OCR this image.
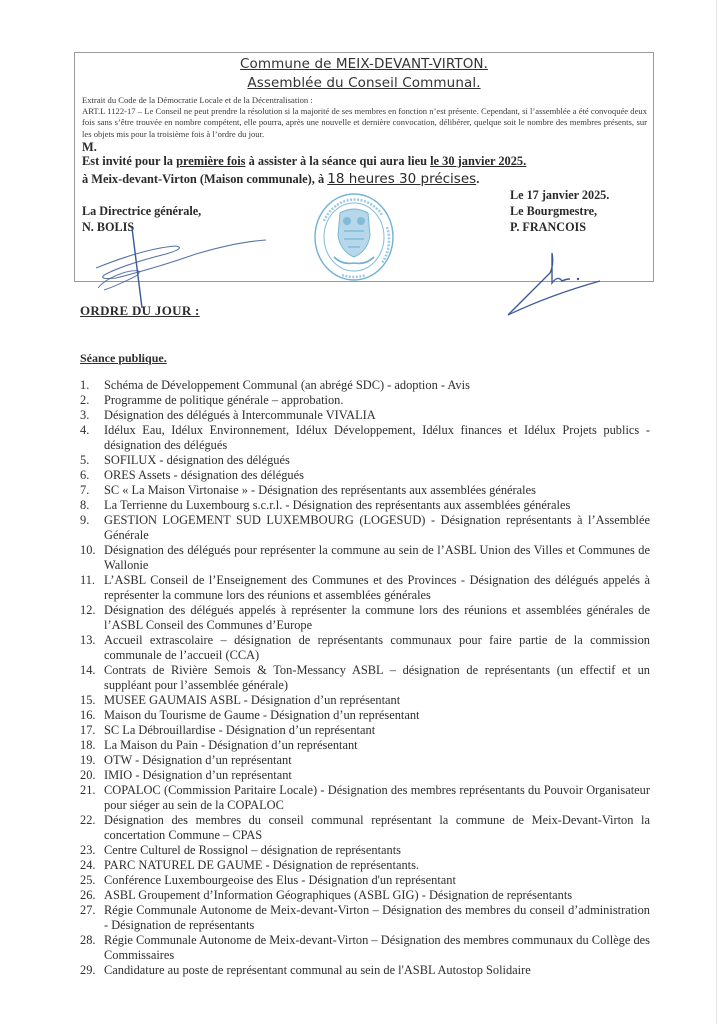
Commune de MEIX-DEVANT-VIRTON.
Assemblée du Conseil Communal.
Extrait du Code de la Démocratie Locale et de la Décentralisation :
ART.L 1122-17 – Le Conseil ne peut prendre la résolution si la majorité de ses membres en fonction n’est présente. Cependant, si l’assemblée a été convoquée deux fois sans s’être trouvée en nombre compétent, elle pourra, après une nouvelle et dernière convocation, délibérer, quelque soit le nombre des membres présents, sur les objets mis pour la troisième fois à l’ordre du jour.
M.
Est invité pour la première fois à assister à la séance qui aura lieu le 30 janvier 2025.
à Meix-devant-Virton (Maison communale), à 18 heures 30 précises.
La Directrice générale,
N. BOLIS
Le 17 janvier 2025.
Le Bourgmestre,
P. FRANCOIS
ORDRE DU JOUR :
Séance publique.
1.	Schéma de Développement Communal (an abrégé SDC) - adoption - Avis
2.	Programme de politique générale – approbation.
3.	Désignation des délégués à Intercommunale VIVALIA
4.	Idélux Eau, Idélux Environnement, Idélux Développement, Idélux finances et Idélux Projets publics - désignation des délégués
5.	SOFILUX - désignation des délégués
6.	ORES Assets - désignation des délégués
7.	SC « La Maison Virtonaise » - Désignation des représentants aux assemblées générales
8.	La Terrienne du Luxembourg s.c.r.l. - Désignation des représentants aux assemblées générales
9.	GESTION LOGEMENT SUD LUXEMBOURG (LOGESUD) - Désignation représentants à l’Assemblée Générale
10. Désignation des délégués pour représenter la commune au sein de l’ASBL Union des Villes et Communes de Wallonie
11. L’ASBL Conseil de l’Enseignement des Communes et des Provinces - Désignation des délégués appelés à représenter la commune lors des réunions et assemblées générales
12. Désignation des délégués appelés à représenter la commune lors des réunions et assemblées générales de l’ASBL Conseil des Communes d’Europe
13. Accueil extrascolaire – désignation de représentants communaux pour faire partie de la commission communale de l’accueil (CCA)
14. Contrats de Rivière Semois & Ton-Messancy ASBL – désignation de représentants (un effectif et un suppléant pour l’assemblée générale)
15. MUSEE GAUMAIS ASBL - Désignation d’un représentant
16. Maison du Tourisme de Gaume - Désignation d’un représentant
17. SC La Débrouillardise - Désignation d’un représentant
18. La Maison du Pain - Désignation d’un représentant
19. OTW - Désignation d’un représentant
20. IMIO - Désignation d’un représentant
21. COPALOC (Commission Paritaire Locale) - Désignation des membres représentants du Pouvoir Organisateur pour siéger au sein de la COPALOC
22. Désignation des membres du conseil communal représentant la commune de Meix-Devant-Virton la concertation Commune – CPAS
23. Centre Culturel de Rossignol – désignation de représentants
24. PARC NATUREL DE GAUME - Désignation de représentants.
25. Conférence Luxembourgeoise des Elus - Désignation d'un représentant
26. ASBL Groupement d’Information Géographiques (ASBL GIG) - Désignation de représentants
27. Régie Communale Autonome de Meix-devant-Virton – Désignation des membres du conseil d’administration - Désignation de représentants
28. Régie Communale Autonome de Meix-devant-Virton – Désignation des membres communaux du Collège des Commissaires
29. Candidature au poste de représentant communal au sein de l'ASBL Autostop Solidaire
